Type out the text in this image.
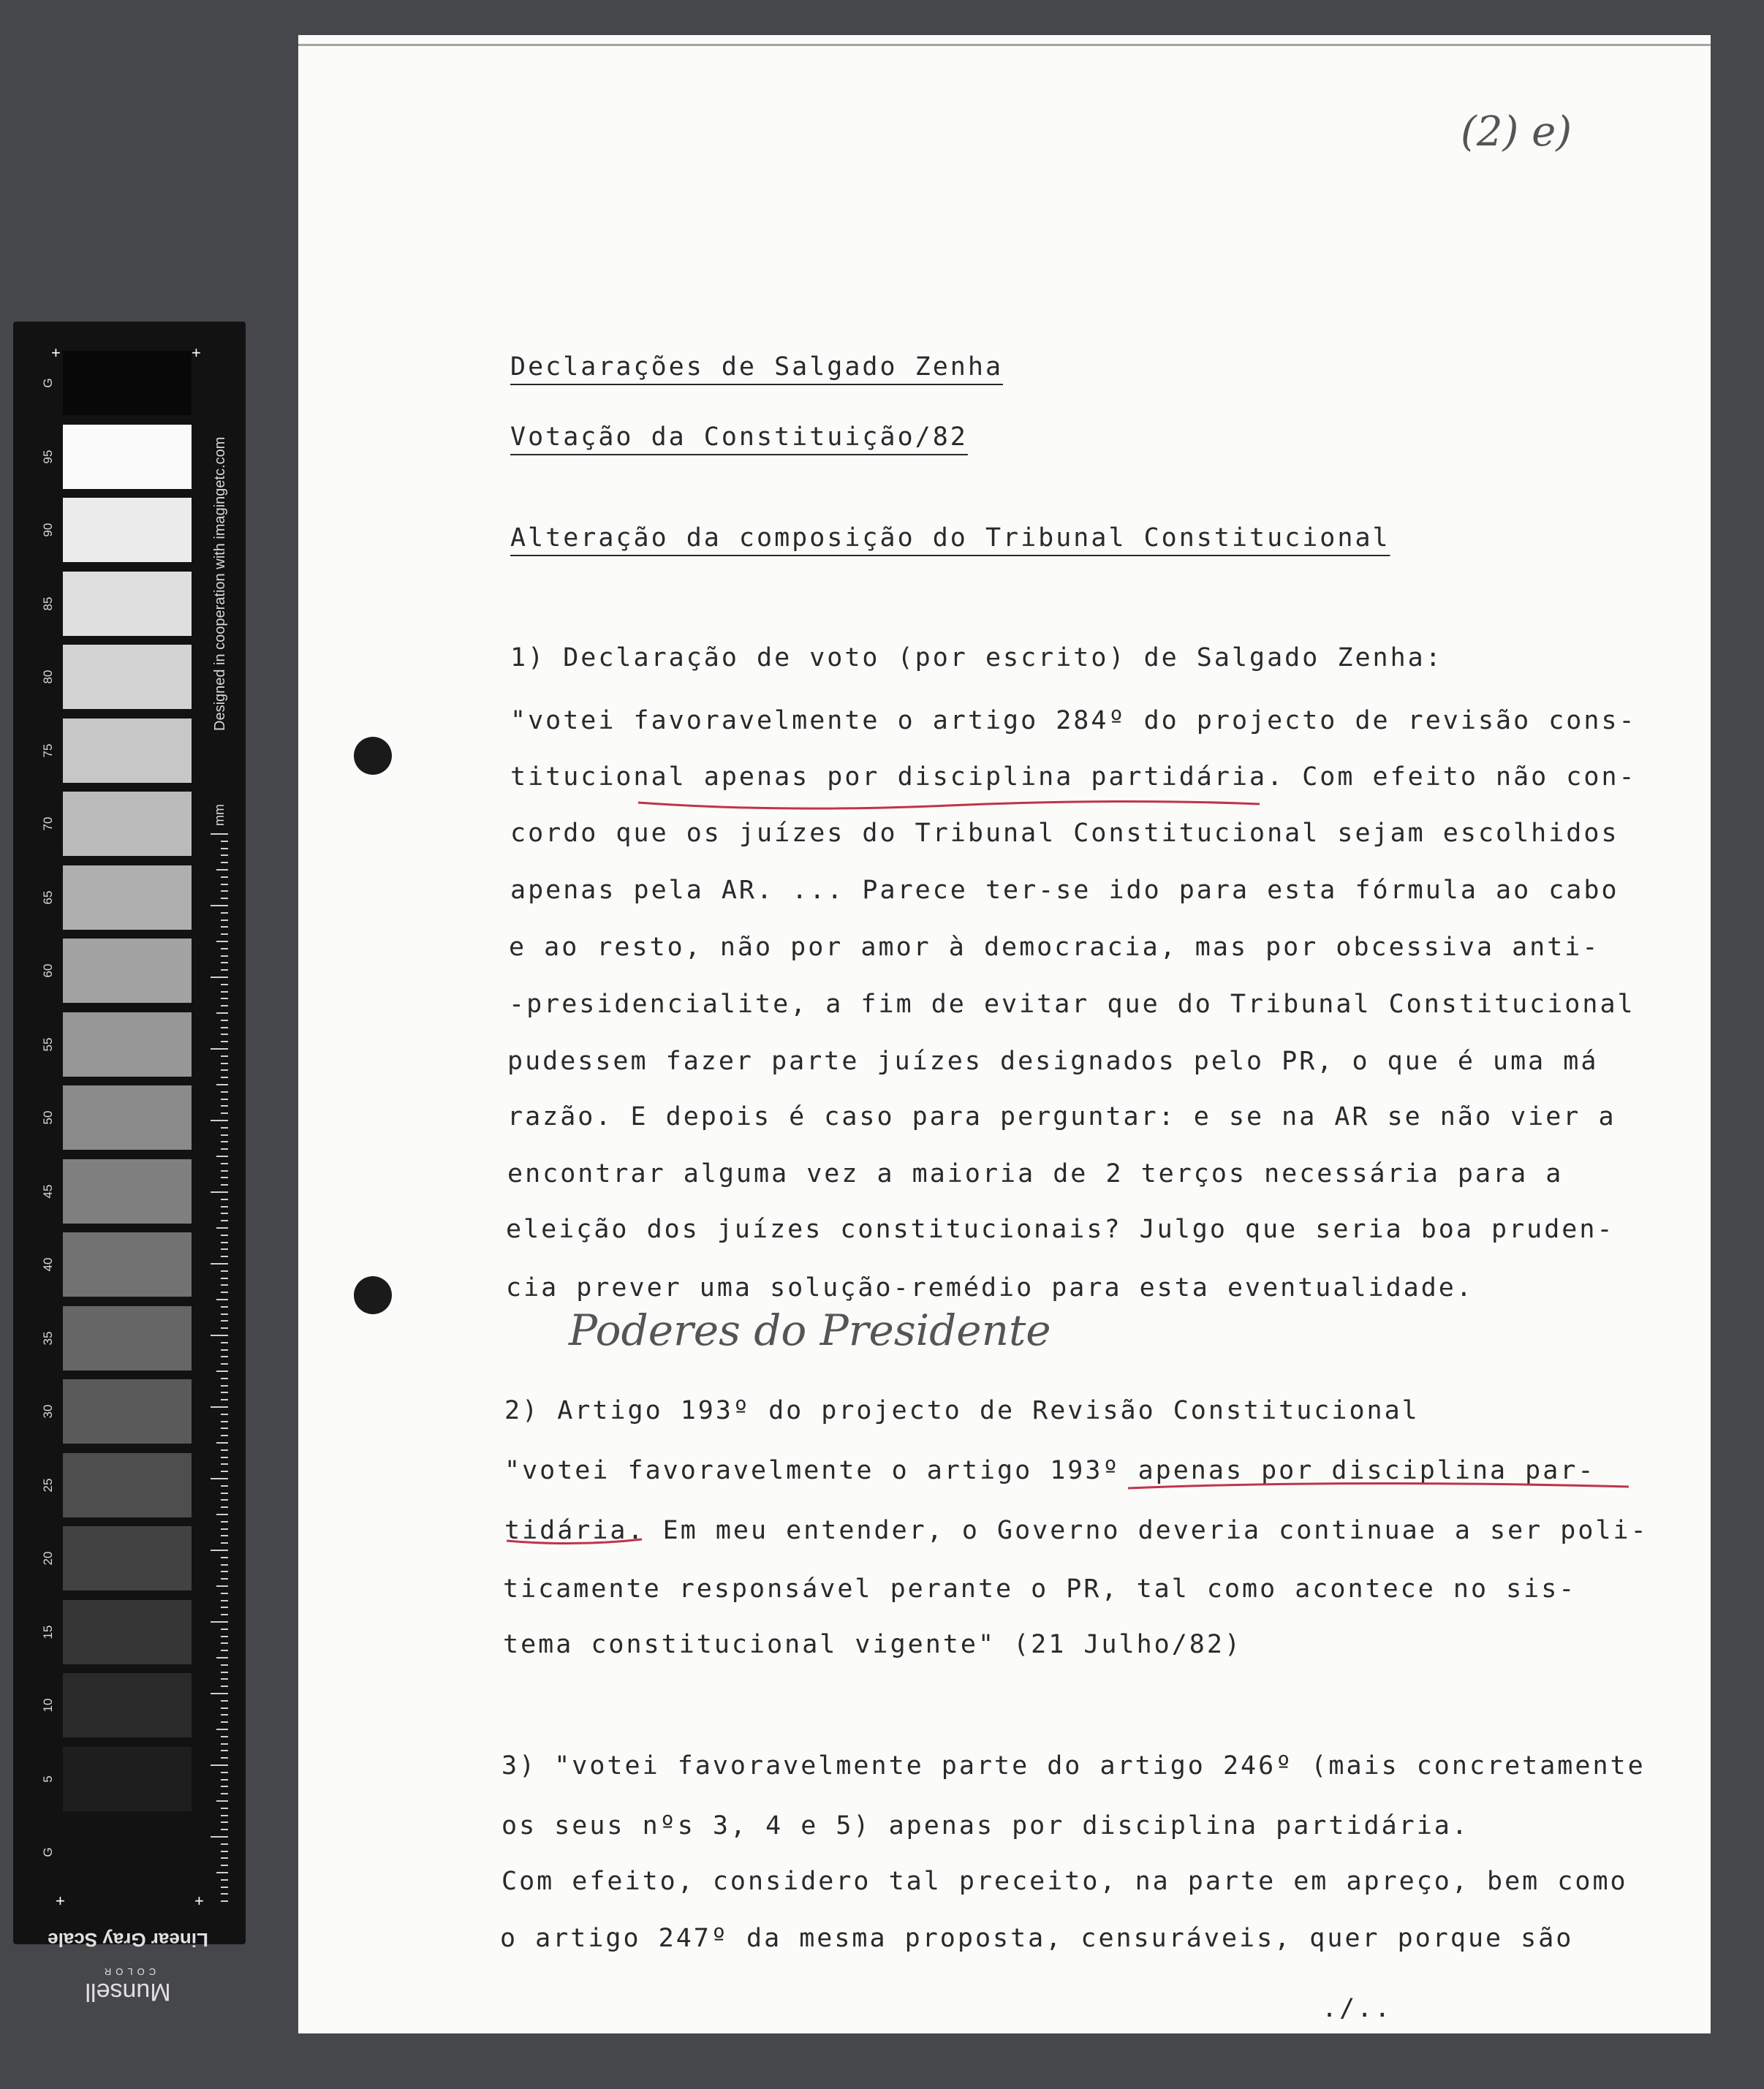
+	+
G
95
90
85
80
75
70
65
60
55
50
45
40
35
30
25
20
15
10
5
G
+	+
Designed in cooperation with imagingetc.com
mm
Linear Gray Scale
Munsell
COLOR
(2) e)
Declarações de Salgado Zenha
Votação da Constituição/82
Alteração da composição do Tribunal Constitucional
1) Declaração de voto (por escrito) de Salgado Zenha:
"votei favoravelmente o artigo 284º do projecto de revisão cons-
titucional apenas por disciplina partidária. Com efeito não con-
cordo que os juízes do Tribunal Constitucional sejam escolhidos
apenas pela AR. ... Parece ter-se ido para esta fórmula ao cabo
e ao resto, não por amor à democracia, mas por obcessiva anti-
-presidencialite, a fim de evitar que do Tribunal Constitucional
pudessem fazer parte juízes designados pelo PR, o que é uma má
razão. E depois é caso para perguntar: e se na AR se não vier a
encontrar alguma vez a maioria de 2 terços necessária para a
eleição dos juízes constitucionais? Julgo que seria boa pruden-
cia prever uma solução-remédio para esta eventualidade.
2) Artigo 193º do projecto de Revisão Constitucional
"votei favoravelmente o artigo 193º apenas por disciplina par-
tidária. Em meu entender, o Governo deveria continuae a ser poli-
ticamente responsável perante o PR, tal como acontece no sis-
tema constitucional vigente" (21 Julho/82)
3) "votei favoravelmente parte do artigo 246º (mais concretamente
os seus nºs 3, 4 e 5) apenas por disciplina partidária.
Com efeito, considero tal preceito, na parte em apreço, bem como
o artigo 247º da mesma proposta, censuráveis, quer porque são
Poderes do Presidente
./..
